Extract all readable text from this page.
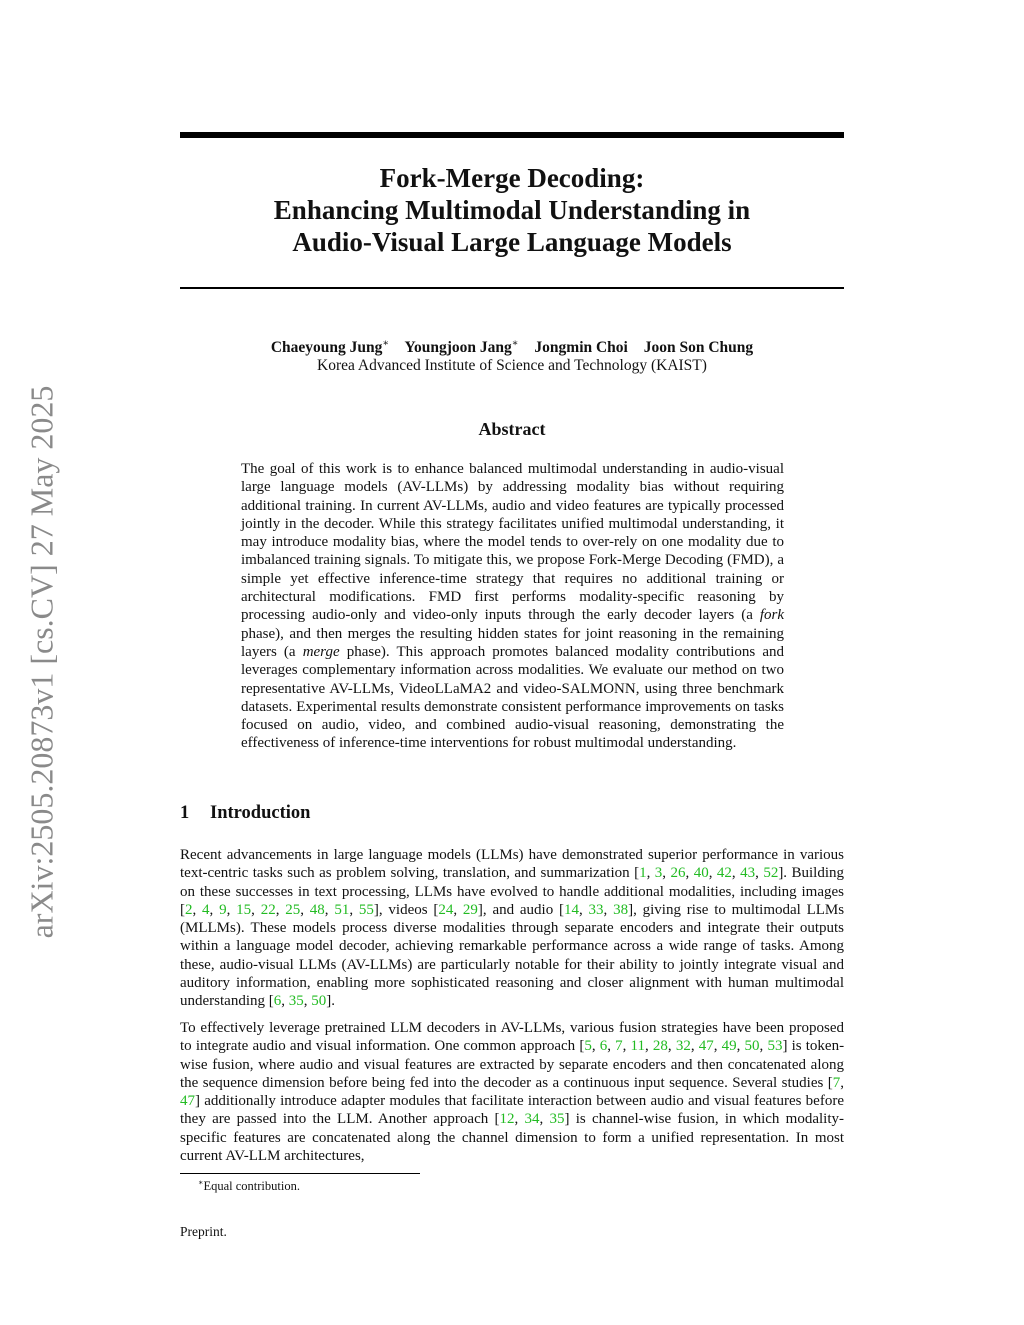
arXiv:2505.20873v1 [cs.CV] 27 May 2025
Fork-Merge Decoding:
Enhancing Multimodal Understanding in
Audio-Visual Large Language Models
Chaeyoung Jung∗ Youngjoon Jang∗ Jongmin Choi Joon Son Chung
Korea Advanced Institute of Science and Technology (KAIST)
Abstract
The goal of this work is to enhance balanced multimodal understanding in audio-visual large language models (AV-LLMs) by addressing modality bias without requiring additional training. In current AV-LLMs, audio and video features are typically processed jointly in the decoder. While this strategy facilitates unified multimodal understanding, it may introduce modality bias, where the model tends to over-rely on one modality due to imbalanced training signals. To mitigate this, we propose Fork-Merge Decoding (FMD), a simple yet effective inference-time strategy that requires no additional training or architectural modifications. FMD first performs modality-specific reasoning by processing audio-only and video-only inputs through the early decoder layers (a fork phase), and then merges the resulting hidden states for joint reasoning in the remaining layers (a merge phase). This approach promotes balanced modality contributions and leverages complementary information across modalities. We evaluate our method on two representative AV-LLMs, VideoLLaMA2 and video-SALMONN, using three benchmark datasets. Experimental results demonstrate consistent performance improvements on tasks focused on audio, video, and combined audio-visual reasoning, demonstrating the effectiveness of inference-time interventions for robust multimodal understanding.
1 Introduction
Recent advancements in large language models (LLMs) have demonstrated superior performance in various text-centric tasks such as problem solving, translation, and summarization [1, 3, 26, 40, 42, 43, 52]. Building on these successes in text processing, LLMs have evolved to handle additional modalities, including images [2, 4, 9, 15, 22, 25, 48, 51, 55], videos [24, 29], and audio [14, 33, 38], giving rise to multimodal LLMs (MLLMs). These models process diverse modalities through separate encoders and integrate their outputs within a language model decoder, achieving remarkable performance across a wide range of tasks. Among these, audio-visual LLMs (AV-LLMs) are particularly notable for their ability to jointly integrate visual and auditory information, enabling more sophisticated reasoning and closer alignment with human multimodal understanding [6, 35, 50].
To effectively leverage pretrained LLM decoders in AV-LLMs, various fusion strategies have been proposed to integrate audio and visual information. One common approach [5, 6, 7, 11, 28, 32, 47, 49, 50, 53] is token-wise fusion, where audio and visual features are extracted by separate encoders and then concatenated along the sequence dimension before being fed into the decoder as a continuous input sequence. Several studies [7, 47] additionally introduce adapter modules that facilitate interaction between audio and visual features before they are passed into the LLM. Another approach [12, 34, 35] is channel-wise fusion, in which modality-specific features are concatenated along the channel dimension to form a unified representation. In most current AV-LLM architectures,
∗Equal contribution.
Preprint.
